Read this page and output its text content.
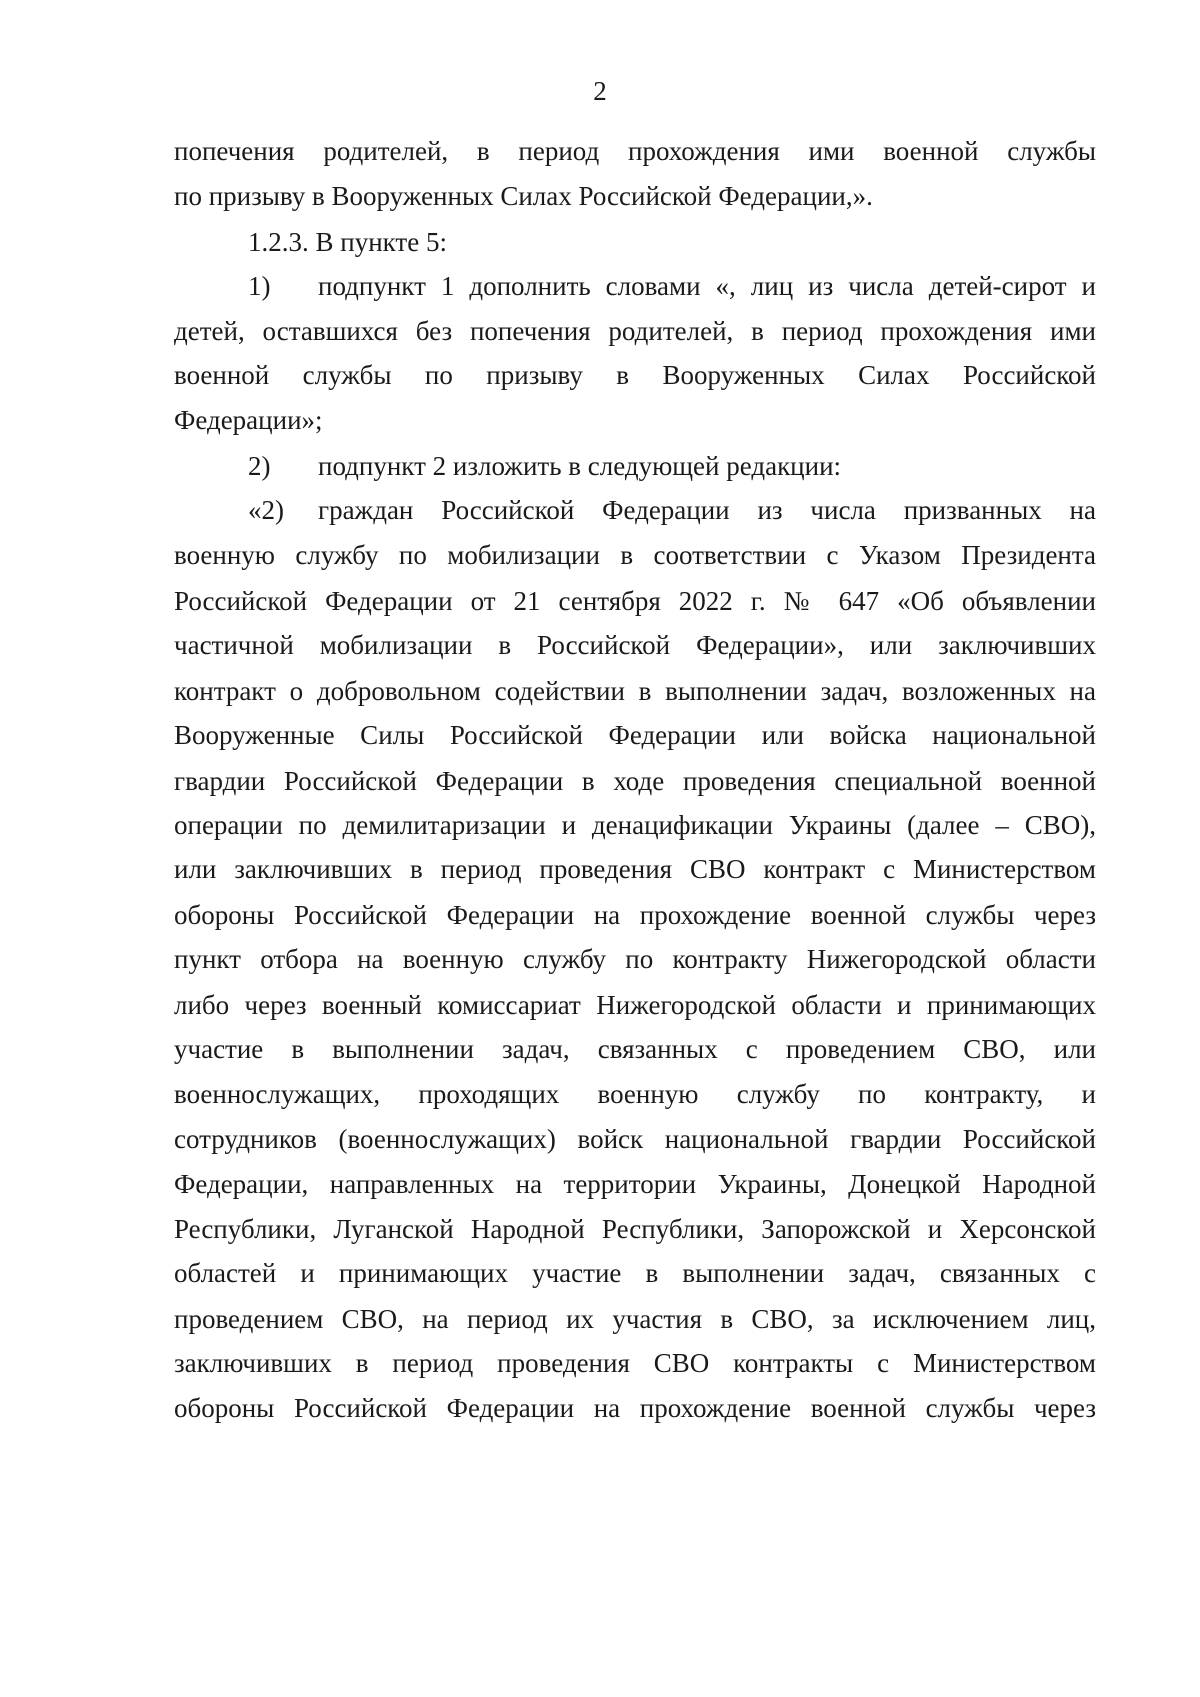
2
попечения родителей, в период прохождения ими военной службы
по призыву в Вооруженных Силах Российской Федерации,».
1.2.3. В пункте 5:
1) подпункт 1 дополнить словами «, лиц из числа детей-сирот и
детей, оставшихся без попечения родителей, в период прохождения ими
военной службы по призыву в Вооруженных Силах Российской
Федерации»;
2) подпункт 2 изложить в следующей редакции:
«2) граждан Российской Федерации из числа призванных на
военную службу по мобилизации в соответствии с Указом Президента
Российской Федерации от 21 сентября 2022 г. № 647 «Об объявлении
частичной мобилизации в Российской Федерации», или заключивших
контракт о добровольном содействии в выполнении задач, возложенных на
Вооруженные Силы Российской Федерации или войска национальной
гвардии Российской Федерации в ходе проведения специальной военной
операции по демилитаризации и денацификации Украины (далее – СВО),
или заключивших в период проведения СВО контракт с Министерством
обороны Российской Федерации на прохождение военной службы через
пункт отбора на военную службу по контракту Нижегородской области
либо через военный комиссариат Нижегородской области и принимающих
участие в выполнении задач, связанных с проведением СВО, или
военнослужащих, проходящих военную службу по контракту, и
сотрудников (военнослужащих) войск национальной гвардии Российской
Федерации, направленных на территории Украины, Донецкой Народной
Республики, Луганской Народной Республики, Запорожской и Херсонской
областей и принимающих участие в выполнении задач, связанных с
проведением СВО, на период их участия в СВО, за исключением лиц,
заключивших в период проведения СВО контракты с Министерством
обороны Российской Федерации на прохождение военной службы через
